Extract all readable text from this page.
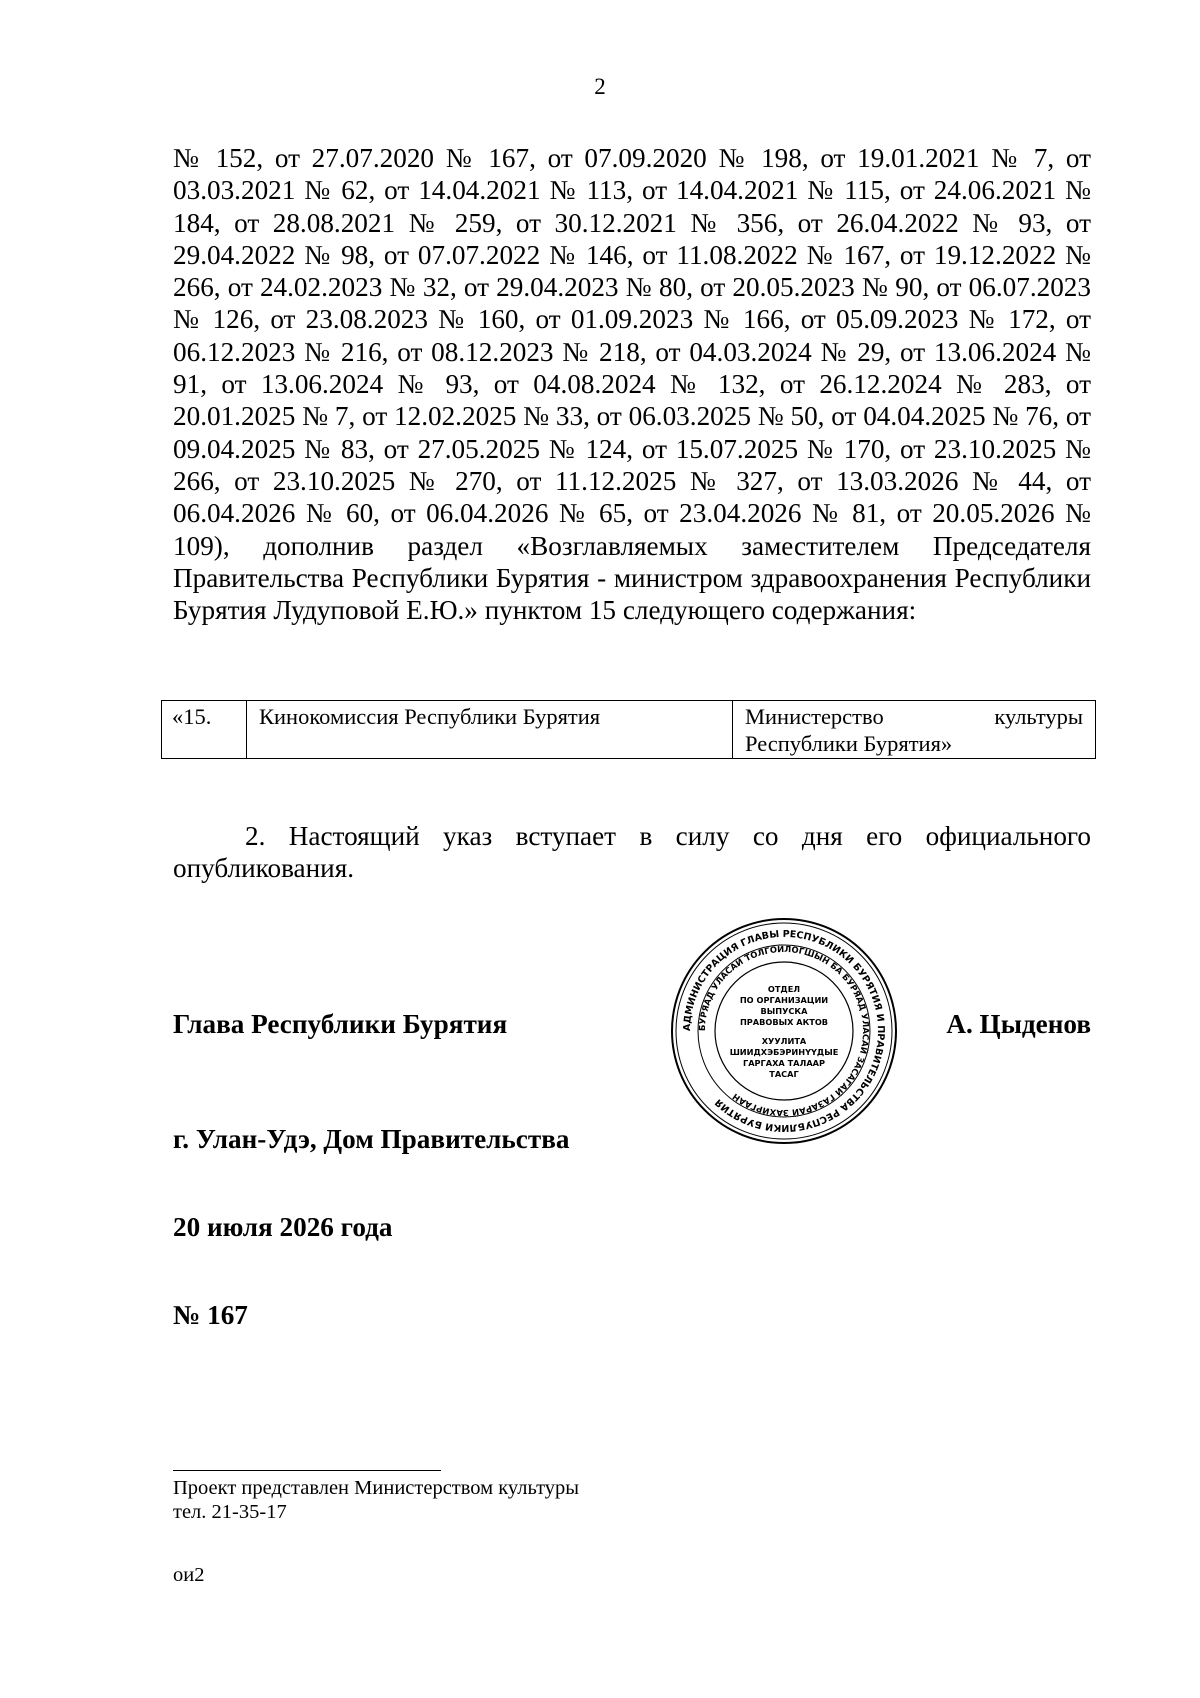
2

№ 152, от 27.07.2020 № 167, от 07.09.2020 № 198, от 19.01.2021 № 7, от 03.03.2021 № 62, от 14.04.2021 № 113, от 14.04.2021 № 115, от 24.06.2021 № 184, от 28.08.2021 № 259, от 30.12.2021 № 356, от 26.04.2022 № 93, от 29.04.2022 № 98, от 07.07.2022 № 146, от 11.08.2022 № 167, от 19.12.2022 № 266, от 24.02.2023 № 32, от 29.04.2023 № 80, от 20.05.2023 № 90, от 06.07.2023 № 126, от 23.08.2023 № 160, от 01.09.2023 № 166, от 05.09.2023 № 172, от 06.12.2023 № 216, от 08.12.2023 № 218, от 04.03.2024 № 29, от 13.06.2024 № 91, от 13.06.2024 № 93, от 04.08.2024 № 132, от 26.12.2024 № 283, от 20.01.2025 № 7, от 12.02.2025 № 33, от 06.03.2025 № 50, от 04.04.2025 № 76, от 09.04.2025 № 83, от 27.05.2025 № 124, от 15.07.2025 № 170, от 23.10.2025 № 266, от 23.10.2025 № 270, от 11.12.2025 № 327, от 13.03.2026 № 44, от 06.04.2026 № 60, от 06.04.2026 № 65, от 23.04.2026 № 81, от 20.05.2026 № 109), дополнив раздел «Возглавляемых заместителем Председателя Правительства Республики Бурятия - министром здравоохранения Республики Бурятия Лудуповой Е.Ю.» пунктом 15 следующего содержания:

«15.	Кинокомиссия Республики Бурятия	Министерство культуры Республики Бурятия»

2. Настоящий указ вступает в силу со дня его официального опубликования.

Глава Республики Бурятия	АДМИНИСТРАЦИЯ ГЛАВЫ РЕСПУБЛИКИ БУРЯТИЯ И ПРАВИТЕЛЬСТВА РЕСПУБЛИКИ БУРЯТИЯ
БУРЯАД УЛАСАЙ ТОЛГОЙЛОГШЫН БА БУРЯАД УЛАСАЙ ЗАСАГАЙ ГАЗАРАЙ ЗАХИРГААН
ОТДЕЛ
ПО ОРГАНИЗАЦИИ
ВЫПУСКА
ПРАВОВЫХ АКТОВ
ХУУЛИТА
ШИИДХЭБЭРИНҮҮДЫЕ
ГАРГАХА ТАЛААР
ТАСАГ

А. Цыденов

г. Улан-Удэ, Дом Правительства

20 июля 2026 года

№ 167

Проект представлен Министерством культуры

тел. 21-35-17

ои2
